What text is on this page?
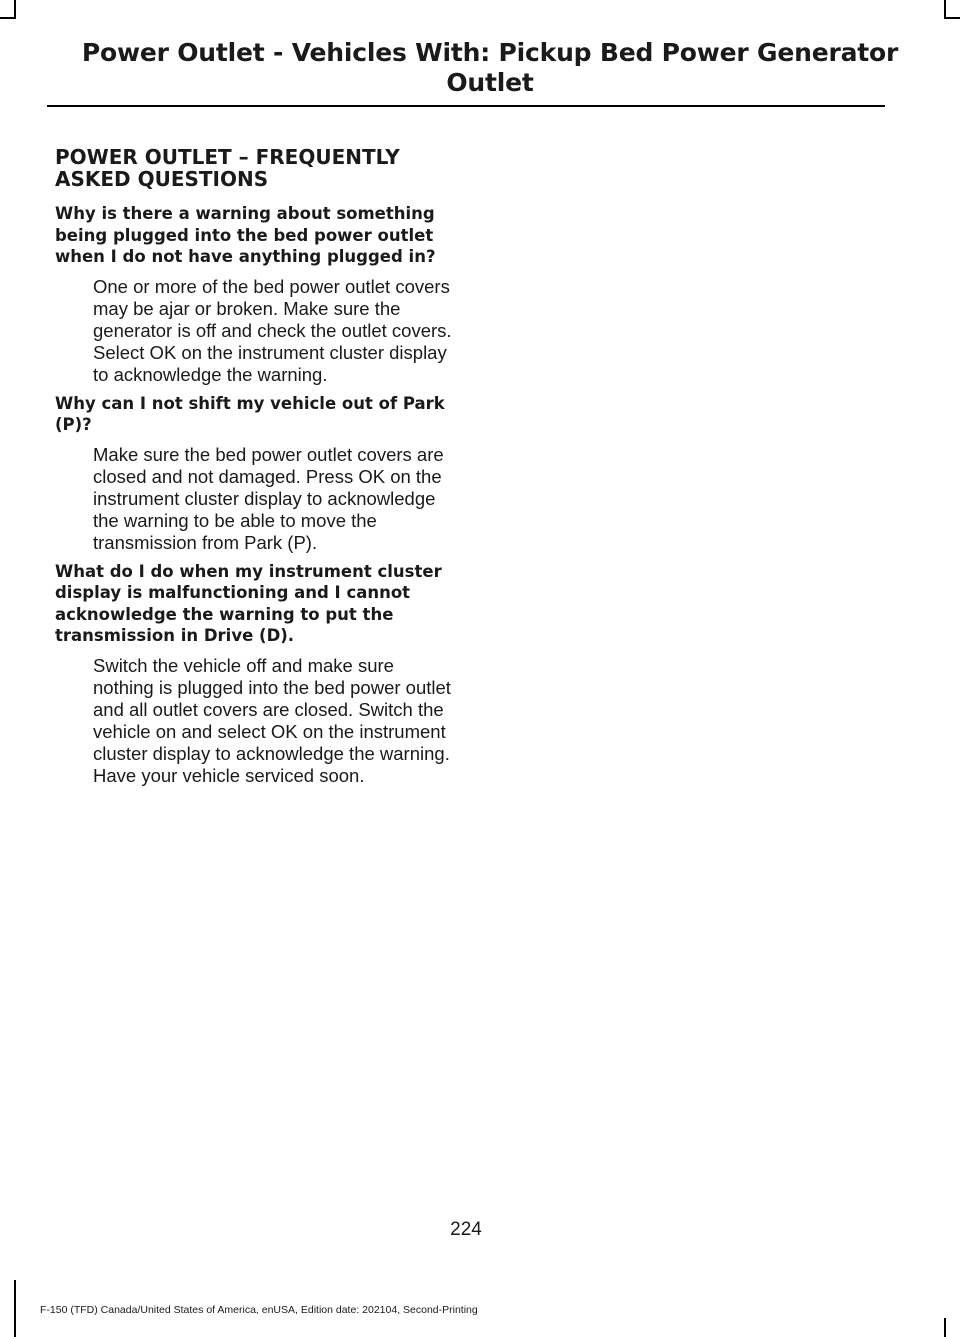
Power Outlet - Vehicles With: Pickup Bed Power Generator Outlet
POWER OUTLET – FREQUENTLY ASKED QUESTIONS

Why is there a warning about something being plugged into the bed power outlet when I do not have anything plugged in?

One or more of the bed power outlet covers may be ajar or broken. Make sure the generator is off and check the outlet covers. Select OK on the instrument cluster display to acknowledge the warning.

Why can I not shift my vehicle out of Park (P)?

Make sure the bed power outlet covers are closed and not damaged. Press OK on the instrument cluster display to acknowledge the warning to be able to move the transmission from Park (P).

What do I do when my instrument cluster display is malfunctioning and I cannot acknowledge the warning to put the transmission in Drive (D).

Switch the vehicle off and make sure nothing is plugged into the bed power outlet and all outlet covers are closed. Switch the vehicle on and select OK on the instrument cluster display to acknowledge the warning. Have your vehicle serviced soon.

224
F-150 (TFD) Canada/United States of America, enUSA, Edition date: 202104, Second-Printing
